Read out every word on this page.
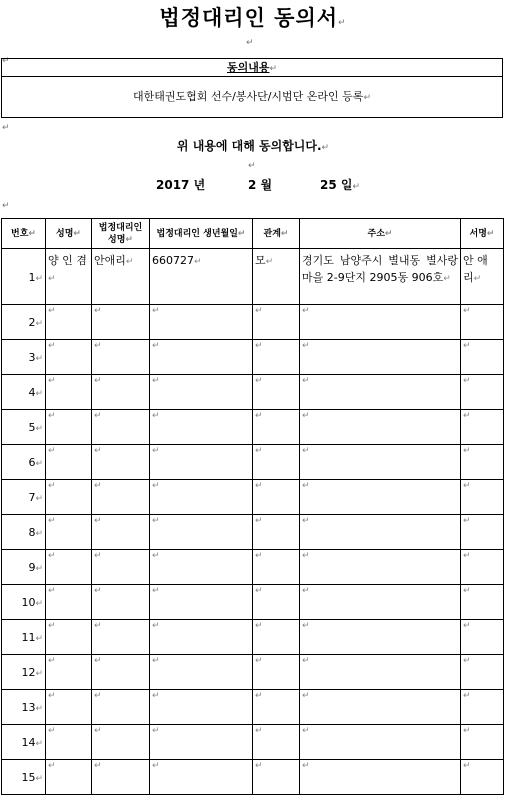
법정대리인 동의서↵
↵
↵	동의내용↵
대한태권도협회 선수/봉사단/시범단 온라인 등록↵
↵
위 내용에 대해 동의합니다.↵
↵
2017 년	2 월	25 일↵
↵
번호↵	성명↵	법정대리인 성명↵	법정대리인 생년월일↵	관계↵	주소↵	서명↵
1↵	양 인 겸↵	안애리↵	660727↵	모↵	경기도 남양주시 별내동 별사랑마을 2-9단지 2905동 906호↵	안 애 리↵
2↵	↵	↵	↵	↵	↵	↵
3↵	↵	↵	↵	↵	↵	↵
4↵	↵	↵	↵	↵	↵	↵
5↵	↵	↵	↵	↵	↵	↵
6↵	↵	↵	↵	↵	↵	↵
7↵	↵	↵	↵	↵	↵	↵
8↵	↵	↵	↵	↵	↵	↵
9↵	↵	↵	↵	↵	↵	↵
10↵	↵	↵	↵	↵	↵	↵
11↵	↵	↵	↵	↵	↵	↵
12↵	↵	↵	↵	↵	↵	↵
13↵	↵	↵	↵	↵	↵	↵
14↵	↵	↵	↵	↵	↵	↵
15↵	↵	↵	↵	↵	↵	↵
